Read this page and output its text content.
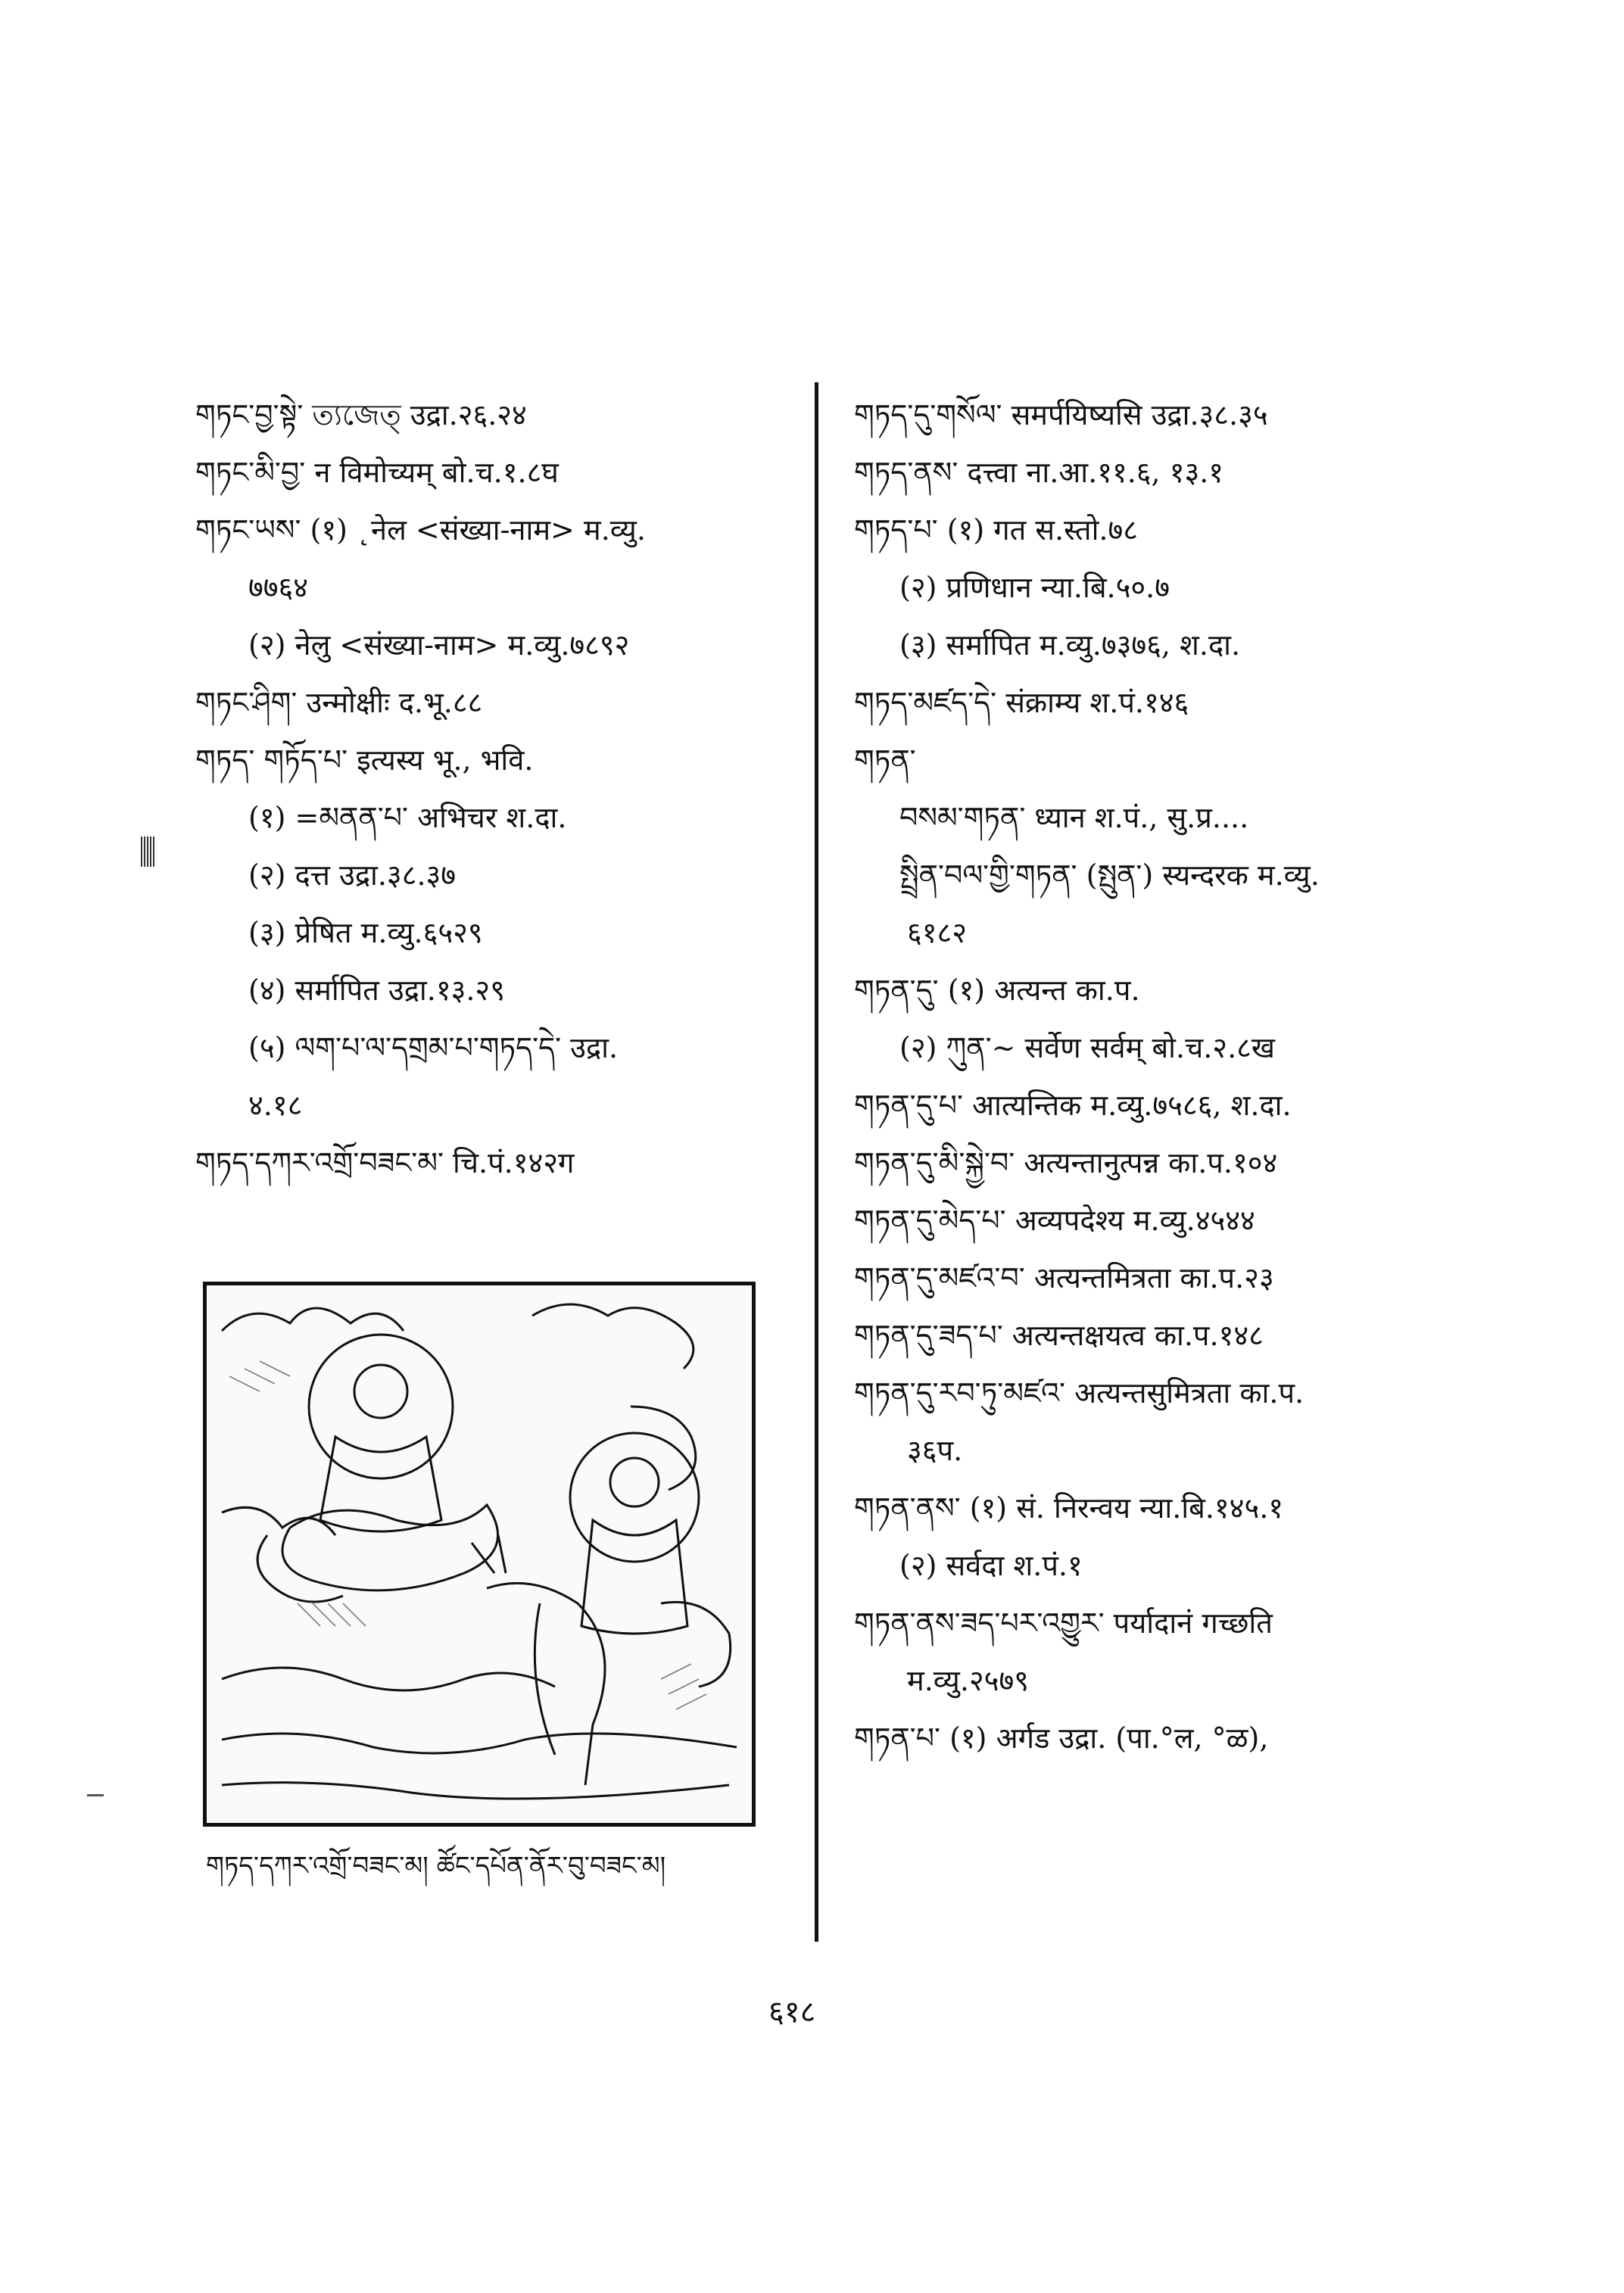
གཏང་བྱ་སྟེ་ ত্যজেত্ उद्रा.२६.२४
གཏང་མི་བྱ་ न विमोच्यम् बो.च.१.८घ
གཏང་ཡས་ (१) ˛नेल <संख्या-नाम> म.व्यु.
७७६४
(२) नेलु <संख्या-नाम> म.व्यु.७८९२
གཏང་ཤིག་ उन्मोक्षीः द.भू.८८
གཏད་ གཏོད་པ་ इत्यस्य भू., भवि.
(१) =མནན་པ་ अभिचर श.दा.
(२) दत्त उद्रा.३८.३७
(३) प्रेषित म.व्यु.६५२९
(४) सर्मापित उद्रा.१३.२९
(५) ལག་པ་ལ་དགྲམ་པ་གཏད་དེ་ उद्रा.
४.१८
གཏད་དཀར་འགྲོ་བཟང་མ་ चि.पं.१४२ग
གཏད་དུ་གསོལ་ समर्पयिष्यसि उद्रा.३८.३५
གཏད་ནས་ दत्त्वा ना.आ.११.६, १३.१
གཏད་པ་ (१) गत स.स्तो.७८
(२) प्रणिधान न्या.बि.५०.७
(३) सर्मापित म.व्यु.७३७६, श.दा.
གཏད་མཛད་དེ་ संक्राम्य श.पं.१४६
གཏན་
བསམ་གཏན་ ध्यान श.पं., सु.प्र....
སྤྲིན་བལ་གྱི་གཏན་ (སྤུན་) स्यन्दरक म.व्यु.
६१८२
གཏན་དུ་ (१) अत्यन्त का.प.
(२) ཀུན་~ सर्वेण सर्वम् बो.च.२.८ख
གཏན་དུ་པ་ आत्यन्तिक म.व्यु.७५८६, श.दा.
གཏན་དུ་མི་སྐྱེ་བ་ अत्यन्तानुत्पन्न का.प.१०४
གཏན་དུ་མེད་པ་ अव्यपदेश्य म.व्यु.४५४४
གཏན་དུ་མཛའ་བ་ अत्यन्तमित्रता का.प.२३
གཏན་དུ་ཟད་པ་ अत्यन्तक्षयत्व का.प.१४८
གཏན་དུ་རབ་ཏུ་མཛའ་ अत्यन्तसुमित्रता का.प.
३६प.
གཏན་ནས་ (१) सं. निरन्वय न्या.बि.१४५.१
(२) सर्वदा श.पं.१
གཏན་ནས་ཟད་པར་འགྱུར་ पर्यादानं गच्छति
म.व्यु.२५७९
གཏན་པ་ (१) अर्गड उद्रा. (पा.°ल, °ळ),
གཏད་དཀར་འགྲོ་བཟང་མ། ཚོང་དཔོན་ནོར་བུ་བཟང་མ།
६१८
